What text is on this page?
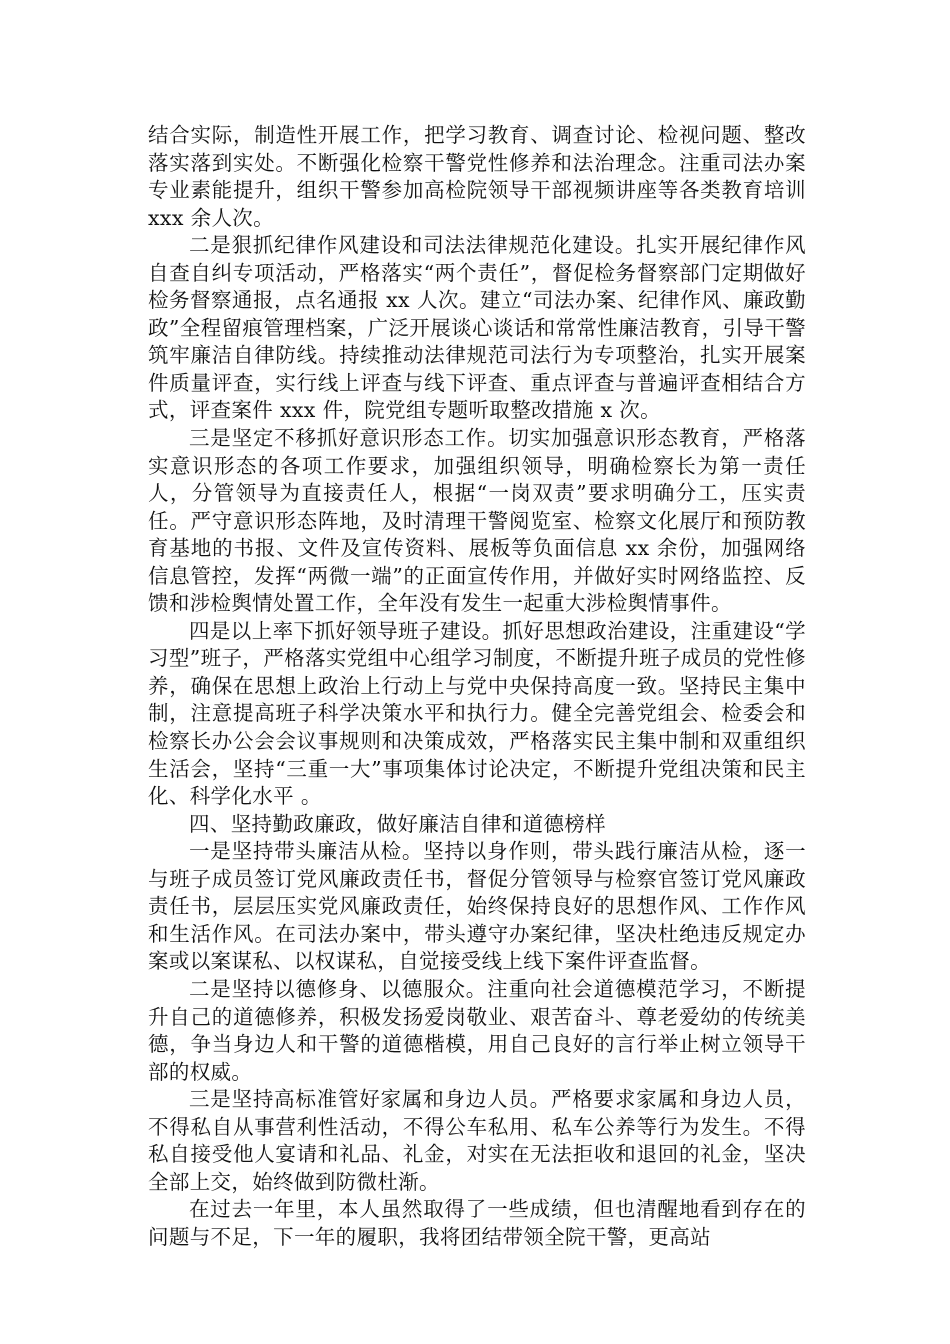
结合实际，制造性开展工作，把学习教育、调查讨论、检视问题、整改落实落到实处。不断强化检察干警党性修养和法治理念。注重司法办案专业素能提升，组织干警参加高检院领导干部视频讲座等各类教育培训 xxx 余人次。

二是狠抓纪律作风建设和司法法律规范化建设。扎实开展纪律作风自查自纠专项活动，严格落实“两个责任”，督促检务督察部门定期做好检务督察通报，点名通报 xx 人次。建立“司法办案、纪律作风、廉政勤政”全程留痕管理档案，广泛开展谈心谈话和常常性廉洁教育，引导干警筑牢廉洁自律防线。持续推动法律规范司法行为专项整治，扎实开展案件质量评查，实行线上评查与线下评查、重点评查与普遍评查相结合方式，评查案件 xxx 件，院党组专题听取整改措施 x 次。

三是坚定不移抓好意识形态工作。切实加强意识形态教育，严格落实意识形态的各项工作要求，加强组织领导，明确检察长为第一责任人，分管领导为直接责任人，根据“一岗双责”要求明确分工，压实责任。严守意识形态阵地，及时清理干警阅览室、检察文化展厅和预防教育基地的书报、文件及宣传资料、展板等负面信息 xx 余份，加强网络信息管控，发挥“两微一端”的正面宣传作用，并做好实时网络监控、反馈和涉检舆情处置工作，全年没有发生一起重大涉检舆情事件。

四是以上率下抓好领导班子建设。抓好思想政治建设，注重建设“学习型”班子，严格落实党组中心组学习制度，不断提升班子成员的党性修养，确保在思想上政治上行动上与党中央保持高度一致。坚持民主集中制，注意提高班子科学决策水平和执行力。健全完善党组会、检委会和检察长办公会会议事规则和决策成效，严格落实民主集中制和双重组织生活会，坚持“三重一大”事项集体讨论决定，不断提升党组决策和民主化、科学化水平 。

四、坚持勤政廉政，做好廉洁自律和道德榜样

一是坚持带头廉洁从检。坚持以身作则，带头践行廉洁从检，逐一与班子成员签订党风廉政责任书，督促分管领导与检察官签订党风廉政责任书，层层压实党风廉政责任，始终保持良好的思想作风、工作作风和生活作风。在司法办案中，带头遵守办案纪律，坚决杜绝违反规定办案或以案谋私、以权谋私，自觉接受线上线下案件评查监督。

二是坚持以德修身、以德服众。注重向社会道德模范学习，不断提升自己的道德修养，积极发扬爱岗敬业、艰苦奋斗、尊老爱幼的传统美德，争当身边人和干警的道德楷模，用自己良好的言行举止树立领导干部的权威。

三是坚持高标准管好家属和身边人员。严格要求家属和身边人员，不得私自从事营利性活动，不得公车私用、私车公养等行为发生。不得私自接受他人宴请和礼品、礼金，对实在无法拒收和退回的礼金，坚决全部上交，始终做到防微杜渐。

在过去一年里，本人虽然取得了一些成绩，但也清醒地看到存在的问题与不足，下一年的履职，我将团结带领全院干警，更高站
